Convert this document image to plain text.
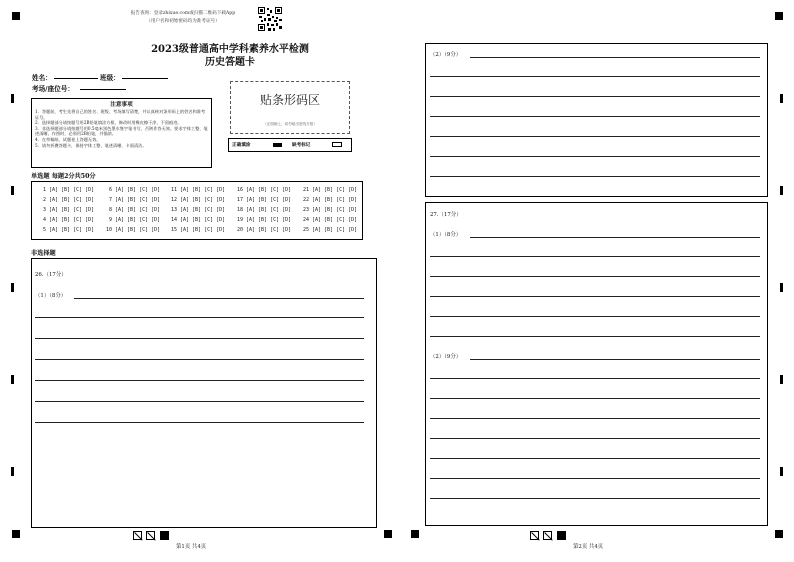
报告查询：登录zhixue.com或扫描二维码下载App
（用户名和初始密码均为准考证号）
2023级普通高中学科素养水平检测
历史答题卡
姓名：	班级：
考场/座位号：
注意事项
1．答题前，考生先将自己的姓名、班级、考场填写清楚，并认真核对条形码上的姓名和准考证号。
2．选择题部分请按题号用2B铅笔填涂方框，修改时用橡皮擦干净，不留痕迹。
3．非选择题部分请按题号用0.5毫米黑色墨水签字笔书写，否则作答无效。要求字体工整、笔迹清晰。作图时，必须用2B铅笔，并描浓。
4．在草稿纸、试题卷上答题无效。
5．请勿折叠答题卡，保持字体工整、笔迹清晰、卡面清洁。
贴条形码区
（正面朝上，切勿贴出虚线方框）
正确填涂	缺考标记
单选题 每题2分共50分
1 [A] [B] [C] [D]
2 [A] [B] [C] [D]
3 [A] [B] [C] [D]
4 [A] [B] [C] [D]
5 [A] [B] [C] [D]
6 [A] [B] [C] [D]
7 [A] [B] [C] [D]
8 [A] [B] [C] [D]
9 [A] [B] [C] [D]
10 [A] [B] [C] [D]
11 [A] [B] [C] [D]
12 [A] [B] [C] [D]
13 [A] [B] [C] [D]
14 [A] [B] [C] [D]
15 [A] [B] [C] [D]
16 [A] [B] [C] [D]
17 [A] [B] [C] [D]
18 [A] [B] [C] [D]
19 [A] [B] [C] [D]
20 [A] [B] [C] [D]
21 [A] [B] [C] [D]
22 [A] [B] [C] [D]
23 [A] [B] [C] [D]
24 [A] [B] [C] [D]
25 [A] [B] [C] [D]
非选择题
26.（17分）
（1）（8分）
第1页 共4页
（2）（9分）
27.（17分）
（1）（8分）
（2）（9分）
第2页 共4页
